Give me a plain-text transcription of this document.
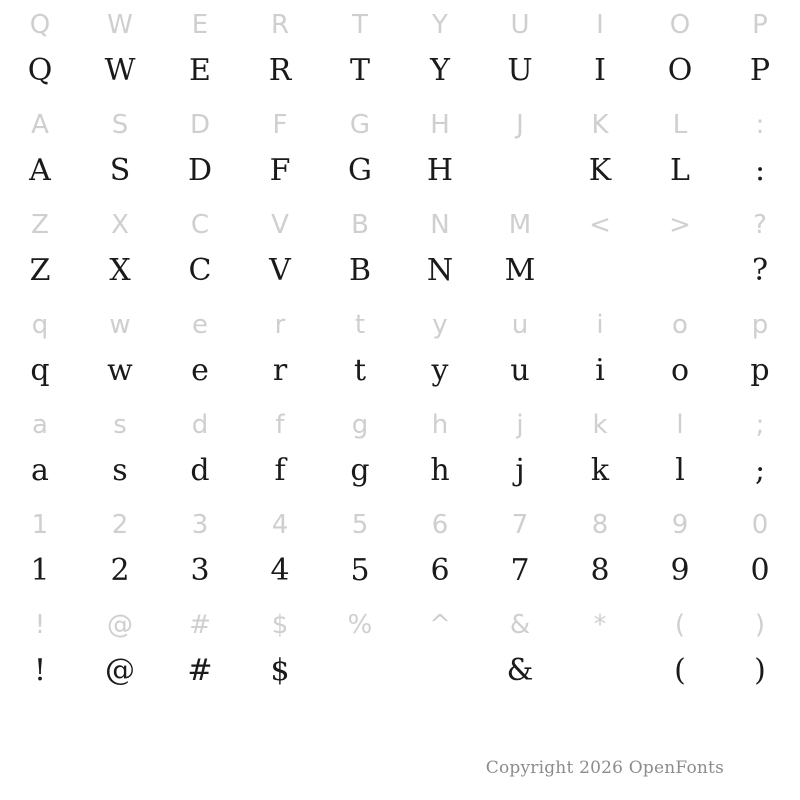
Q
Q
W
W
E
E
R
R
T
T
Y
Y
U
U
I
I
O
O
P
P
A
A
S
S
D
D
F
F
G
G
H
H
J	K
K
L
L
:
:
Z
Z
X
X
C
C
V
V
B
B
N
N
M
M
< > ?
?
q
q
w
w
e
e
r
r
t
t
y
y
u
u
i
i
o
o
p
p
a
a
s
s
d
d
f
f
g
g
h
h
j
j
k
k
l
l
;
;
1
1
2
2
3
3
4
4
5
5
6
6
7
7
8
8
9
9
0
0
!
!
@
@
#
#
$
$
% ^ &
&
*	(
(
)
)
Copyright 2026 OpenFonts
